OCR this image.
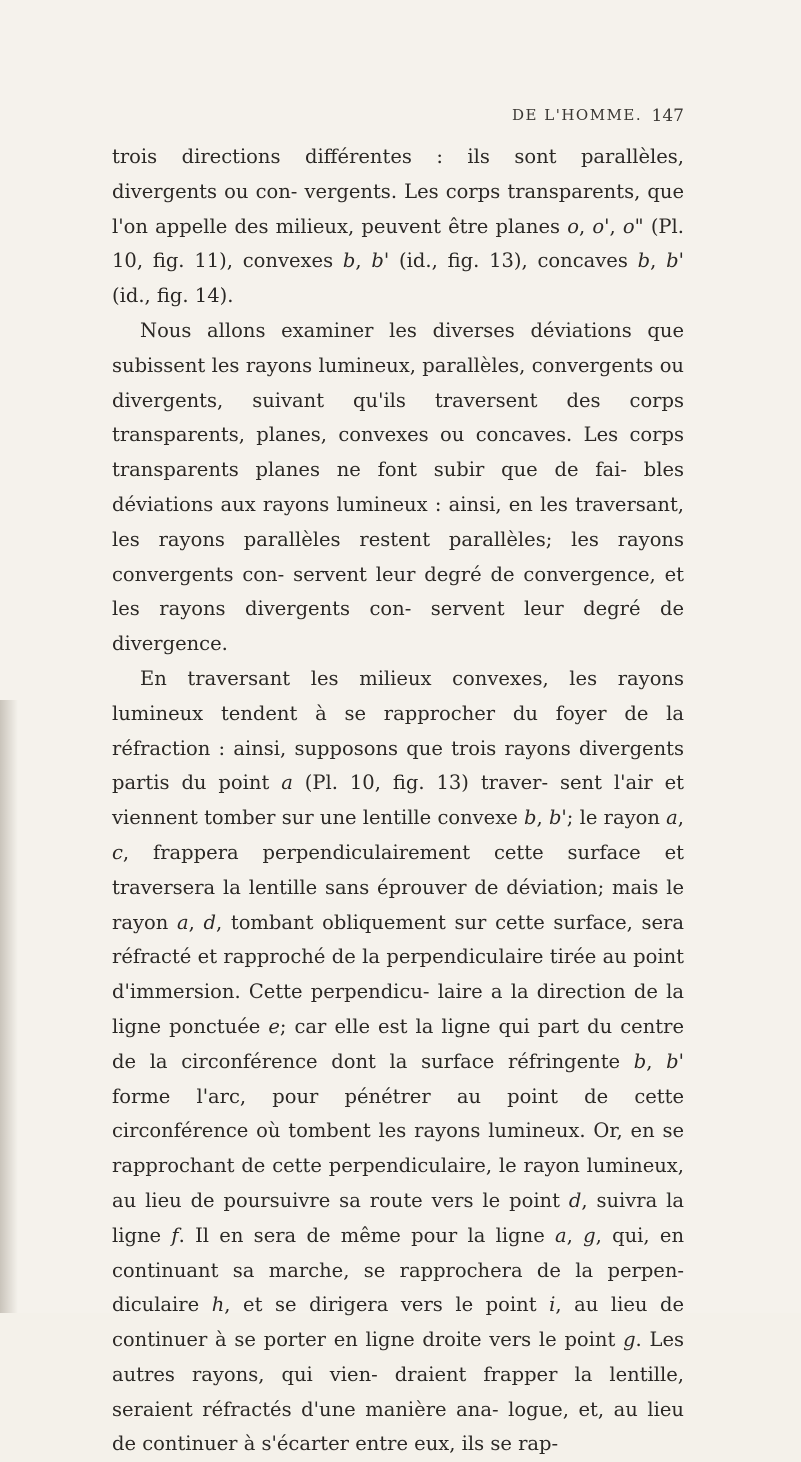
DE L'HOMME. 147

trois directions différentes : ils sont parallèles, divergents ou con- vergents. Les corps transparents, que l'on appelle des milieux, peuvent être planes o, o', o" (Pl. 10, fig. 11), convexes b, b' (id., fig. 13), concaves b, b' (id., fig. 14).

Nous allons examiner les diverses déviations que subissent les rayons lumineux, parallèles, convergents ou divergents, suivant qu'ils traversent des corps transparents, planes, convexes ou concaves. Les corps transparents planes ne font subir que de fai- bles déviations aux rayons lumineux : ainsi, en les traversant, les rayons parallèles restent parallèles; les rayons convergents con- servent leur degré de convergence, et les rayons divergents con- servent leur degré de divergence.

En traversant les milieux convexes, les rayons lumineux tendent à se rapprocher du foyer de la réfraction : ainsi, supposons que trois rayons divergents partis du point a (Pl. 10, fig. 13) traver- sent l'air et viennent tomber sur une lentille convexe b, b'; le rayon a, c, frappera perpendiculairement cette surface et traversera la lentille sans éprouver de déviation; mais le rayon a, d, tombant obliquement sur cette surface, sera réfracté et rapproché de la perpendiculaire tirée au point d'immersion. Cette perpendicu- laire a la direction de la ligne ponctuée e; car elle est la ligne qui part du centre de la circonférence dont la surface réfringente b, b' forme l'arc, pour pénétrer au point de cette circonférence où tombent les rayons lumineux. Or, en se rapprochant de cette perpendiculaire, le rayon lumineux, au lieu de poursuivre sa route vers le point d, suivra la ligne f. Il en sera de même pour la ligne a, g, qui, en continuant sa marche, se rapprochera de la perpen- diculaire h, et se dirigera vers le point i, au lieu de continuer à se porter en ligne droite vers le point g. Les autres rayons, qui vien- draient frapper la lentille, seraient réfractés d'une manière ana- logue, et, au lieu de continuer à s'écarter entre eux, ils se rap-
